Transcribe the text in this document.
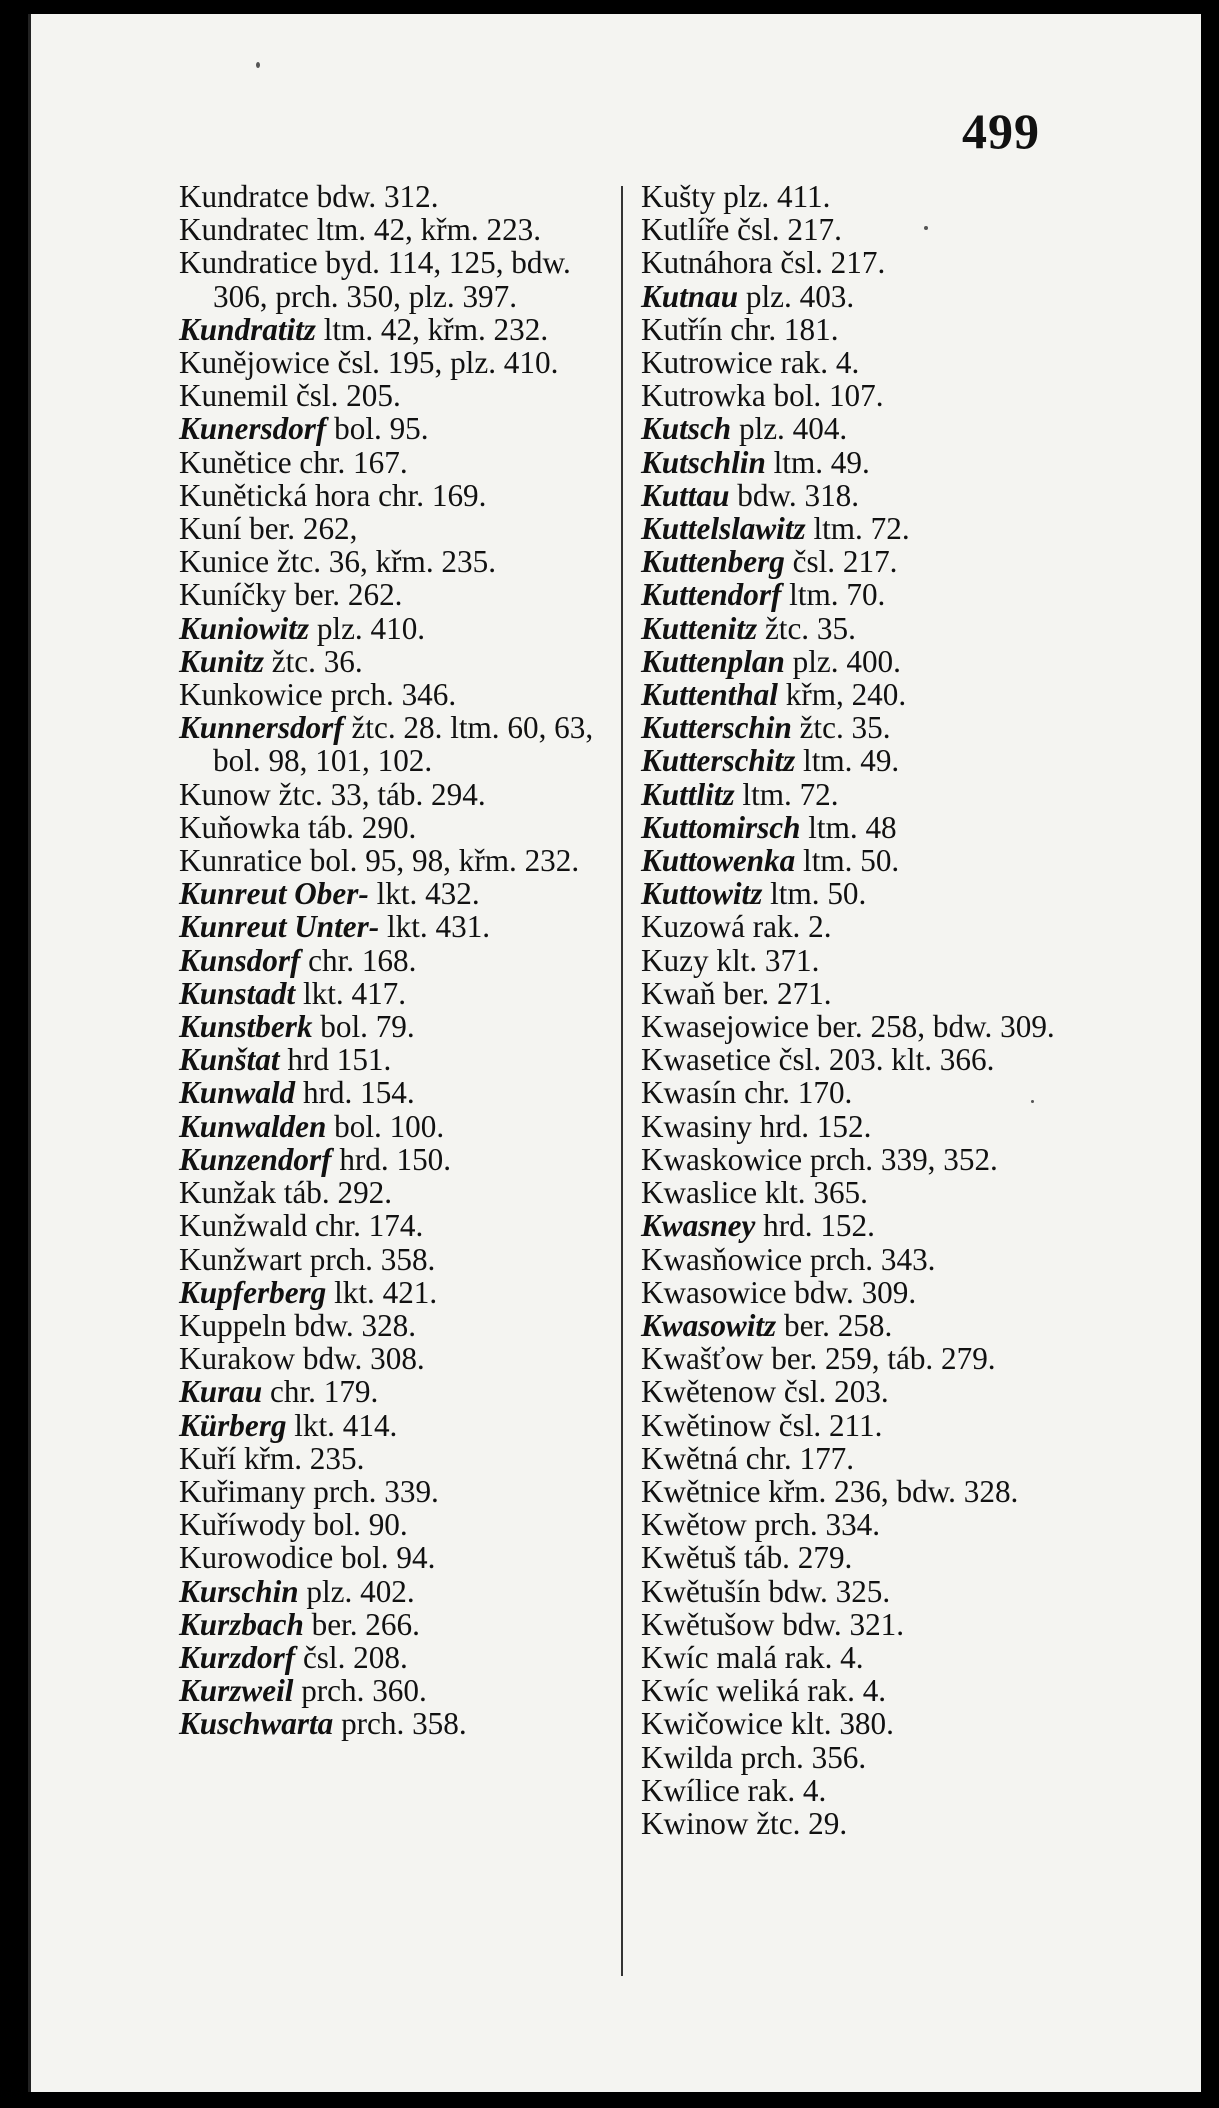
499
Kundratce bdw. 312.
Kundratec ltm. 42, křm. 223.
Kundratice byd. 114, 125, bdw. 306, prch. 350, plz. 397.
Kundratitz ltm. 42, křm. 232.
Kunějowice čsl. 195, plz. 410.
Kunemil čsl. 205.
Kunersdorf bol. 95.
Kunětice chr. 167.
Kunětická hora chr. 169.
Kuní ber. 262,
Kunice žtc. 36, křm. 235.
Kuníčky ber. 262.
Kuniowitz plz. 410.
Kunitz žtc. 36.
Kunkowice prch. 346.
Kunnersdorf žtc. 28. ltm. 60, 63, bol. 98, 101, 102.
Kunow žtc. 33, táb. 294.
Kuňowka táb. 290.
Kunratice bol. 95, 98, křm. 232.
Kunreut Ober- lkt. 432.
Kunreut Unter- lkt. 431.
Kunsdorf chr. 168.
Kunstadt lkt. 417.
Kunstberk bol. 79.
Kunštat hrd 151.
Kunwald hrd. 154.
Kunwalden bol. 100.
Kunzendorf hrd. 150.
Kunžak táb. 292.
Kunžwald chr. 174.
Kunžwart prch. 358.
Kupferberg lkt. 421.
Kuppeln bdw. 328.
Kurakow bdw. 308.
Kurau chr. 179.
Kürberg lkt. 414.
Kuří křm. 235.
Kuřimany prch. 339.
Kuříwody bol. 90.
Kurowodice bol. 94.
Kurschin plz. 402.
Kurzbach ber. 266.
Kurzdorf čsl. 208.
Kurzweil prch. 360.
Kuschwarta prch. 358.
Kušty plz. 411.
Kutlíře čsl. 217.
Kutnáhora čsl. 217.
Kutnau plz. 403.
Kutřín chr. 181.
Kutrowice rak. 4.
Kutrowka bol. 107.
Kutsch plz. 404.
Kutschlin ltm. 49.
Kuttau bdw. 318.
Kuttelslawitz ltm. 72.
Kuttenberg čsl. 217.
Kuttendorf ltm. 70.
Kuttenitz žtc. 35.
Kuttenplan plz. 400.
Kuttenthal křm, 240.
Kutterschin žtc. 35.
Kutterschitz ltm. 49.
Kuttlitz ltm. 72.
Kuttomirsch ltm. 48
Kuttowenka ltm. 50.
Kuttowitz ltm. 50.
Kuzowá rak. 2.
Kuzy klt. 371.
Kwaň ber. 271.
Kwasejowice ber. 258, bdw. 309.
Kwasetice čsl. 203. klt. 366.
Kwasín chr. 170.
Kwasiny hrd. 152.
Kwaskowice prch. 339, 352.
Kwaslice klt. 365.
Kwasney hrd. 152.
Kwasňowice prch. 343.
Kwasowice bdw. 309.
Kwasowitz ber. 258.
Kwašťow ber. 259, táb. 279.
Kwětenow čsl. 203.
Kwětinow čsl. 211.
Kwětná chr. 177.
Kwětnice křm. 236, bdw. 328.
Kwětow prch. 334.
Kwětuš táb. 279.
Kwětušín bdw. 325.
Kwětušow bdw. 321.
Kwíc malá rak. 4.
Kwíc weliká rak. 4.
Kwičowice klt. 380.
Kwilda prch. 356.
Kwílice rak. 4.
Kwinow žtc. 29.
